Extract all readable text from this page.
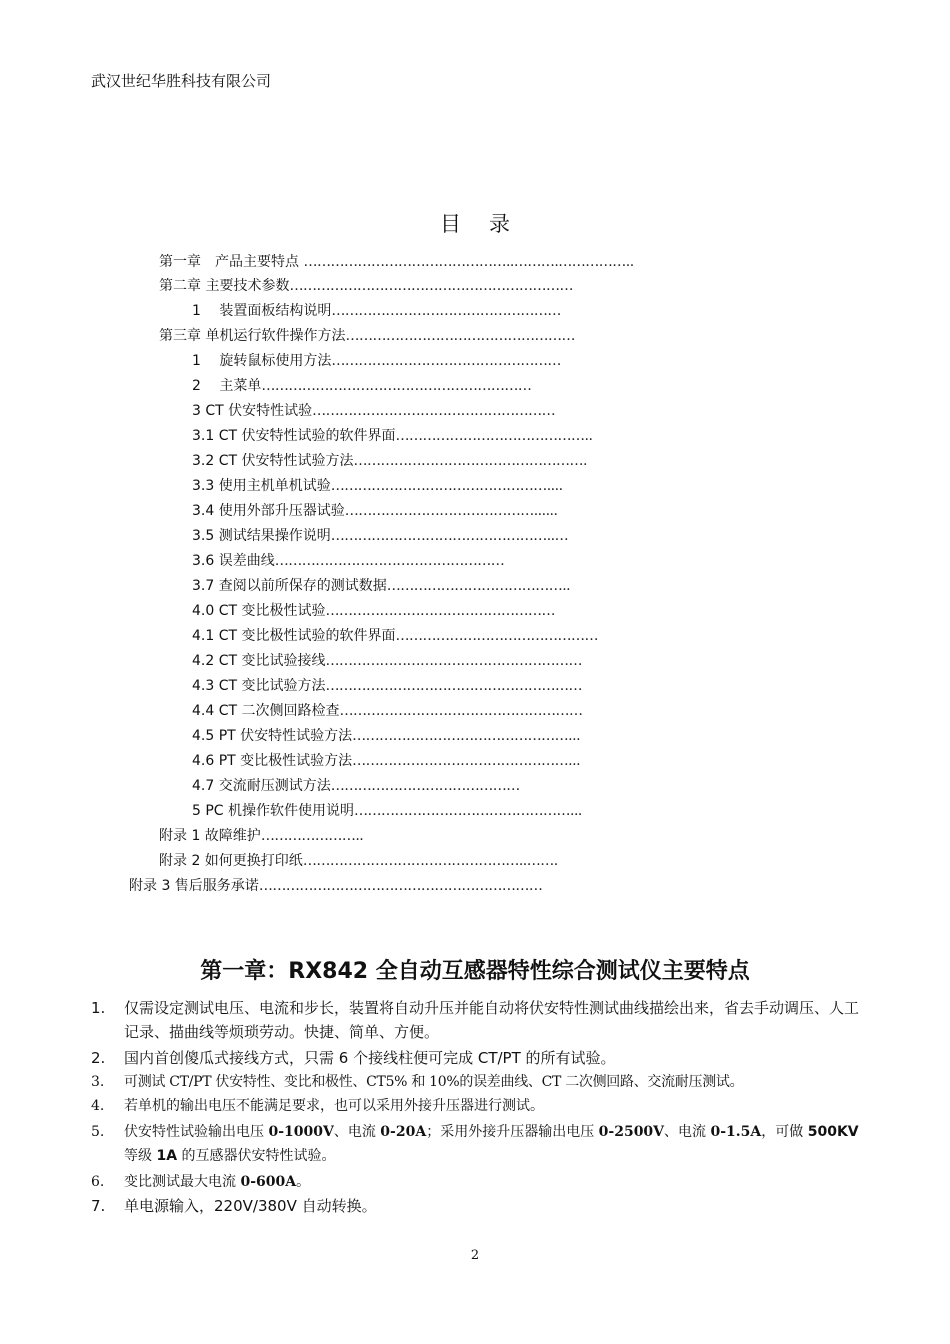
武汉世纪华胜科技有限公司
目录
第一章　产品主要特点 ………………………………………..……….……………..
第二章 主要技术参数………………………………………………………
1 　装置面板结构说明……………………………………………
第三章 单机运行软件操作方法……………………………………………
1 　旋转鼠标使用方法……………………………………………
2 　主菜单……………………………………………………
3 CT 伏安特性试验………………………………………………
3.1 CT 伏安特性试验的软件界面……………………………………..
3.2 CT 伏安特性试验方法…………………………………………….
3.3 使用主机单机试验…………………………………………....
3.4 使用外部升压器试验……………………………………......
3.5 测试结果操作说明…………………………………………..…
3.6 误差曲线……………………………………………
3.7 查阅以前所保存的测试数据…………………………………..
4.0 CT 变比极性试验……………………………………………
4.1 CT 变比极性试验的软件界面………………………………………
4.2 CT 变比试验接线…………………………………………………
4.3 CT 变比试验方法…………………………………………………
4.4 CT 二次侧回路检查………………………………………………
4.5 PT 伏安特性试验方法…………………………………………...
4.6 PT 变比极性试验方法…………………………………………...
4.7 交流耐压测试方法……………………………………
5 PC 机操作软件使用说明…………………………………………...
附录 1 故障维护…………………..
附录 2 如何更换打印纸…………………………………………..…….
附录 3 售后服务承诺………………………………………………………
第一章：RX842 全自动互感器特性综合测试仪主要特点
1.	仅需设定测试电压、电流和步长，装置将自动升压并能自动将伏安特性测试曲线描绘出来，省去手动调压、人工记录、描曲线等烦琐劳动。快捷、简单、方便。
2.	国内首创傻瓜式接线方式，只需 6 个接线柱便可完成 CT/PT 的所有试验。
3.	可测试 CT/PT 伏安特性、变比和极性、CT5% 和 10%的误差曲线、CT 二次侧回路、交流耐压测试。
4.	若单机的输出电压不能满足要求，也可以采用外接升压器进行测试。
5.	伏安特性试验输出电压 0-1000V、电流 0-20A；采用外接升压器输出电压 0-2500V、电流 0-1.5A，可做 500KV 等级 1A 的互感器伏安特性试验。
6.	变比测试最大电流 0-600A。
7.	单电源输入，220V/380V 自动转换。
2
